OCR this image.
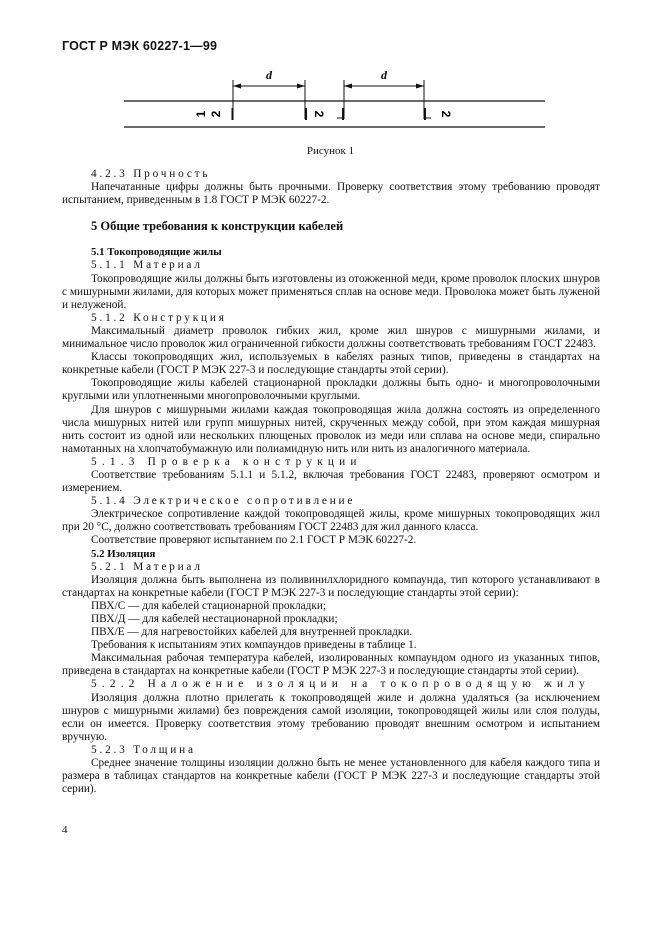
ГОСТ Р МЭК 60227-1—99
d	d
1 2	2	2
Рисунок 1

4.2.3 Прочность

Напечатанные цифры должны быть прочными. Проверку соответствия этому требованию проводят испытанием, приведенным в 1.8 ГОСТ Р МЭК 60227-2.

5 Общие требования к конструкции кабелей
5.1 Токопроводящие жилы

5.1.1 Материал

Токопроводящие жилы должны быть изготовлены из отожженной меди, кроме проволок плоских шнуров с мишурными жилами, для которых может применяться сплав на основе меди. Проволока может быть луженой и нелуженой.

5.1.2 Конструкция

Максимальный диаметр проволок гибких жил, кроме жил шнуров с мишурными жилами, и минимальное число проволок жил ограниченной гибкости должны соответствовать требованиям ГОСТ 22483.

Классы токопроводящих жил, используемых в кабелях разных типов, приведены в стандартах на конкретные кабели (ГОСТ Р МЭК 227-3 и последующие стандарты этой серии).

Токопроводящие жилы кабелей стационарной прокладки должны быть одно- и многопроволочными круглыми или уплотненными многопроволочными круглыми.

Для шнуров с мишурными жилами каждая токопроводящая жила должна состоять из определенного числа мишурных нитей или групп мишурных нитей, скрученных между собой, при этом каждая мишурная нить состоит из одной или нескольких плющеных проволок из меди или сплава на основе меди, спирально намотанных на хлопчатобумажную или полиамидную нить или нить из аналогичного материала.

5.1.3 Проверка конструкции

Соответствие требованиям 5.1.1 и 5.1.2, включая требования ГОСТ 22483, проверяют осмотром и измерением.

5.1.4 Электрическое сопротивление

Электрическое сопротивление каждой токопроводящей жилы, кроме мишурных токопроводящих жил при 20 °С, должно соответствовать требованиям ГОСТ 22483 для жил данного класса.

Соответствие проверяют испытанием по 2.1 ГОСТ Р МЭК 60227-2.

5.2 Изоляция

5.2.1 Материал

Изоляция должна быть выполнена из поливинилхлоридного компаунда, тип которого устанавливают в стандартах на конкретные кабели (ГОСТ Р МЭК 227-3 и последующие стандарты этой серии):

ПВХ/С — для кабелей стационарной прокладки;

ПВХ/Д — для кабелей нестационарной прокладки;

ПВХ/Е — для нагревостойких кабелей для внутренней прокладки.

Требования к испытаниям этих компаундов приведены в таблице 1.

Максимальная рабочая температура кабелей, изолированных компаундом одного из указанных типов, приведена в стандартах на конкретные кабели (ГОСТ Р МЭК 227-3 и последующие стандарты этой серии).

5.2.2 Наложение изоляции на токопроводящую жилу

Изоляция должна плотно прилегать к токопроводящей жиле и должна удаляться (за исключением шнуров с мишурными жилами) без повреждения самой изоляции, токопроводящей жилы или слоя полуды, если он имеется. Проверку соответствия этому требованию проводят внешним осмотром и испытанием вручную.

5.2.3 Толщина

Среднее значение толщины изоляции должно быть не менее установленного для кабеля каждого типа и размера в таблицах стандартов на конкретные кабели (ГОСТ Р МЭК 227-3 и последующие стандарты этой серии).

4
